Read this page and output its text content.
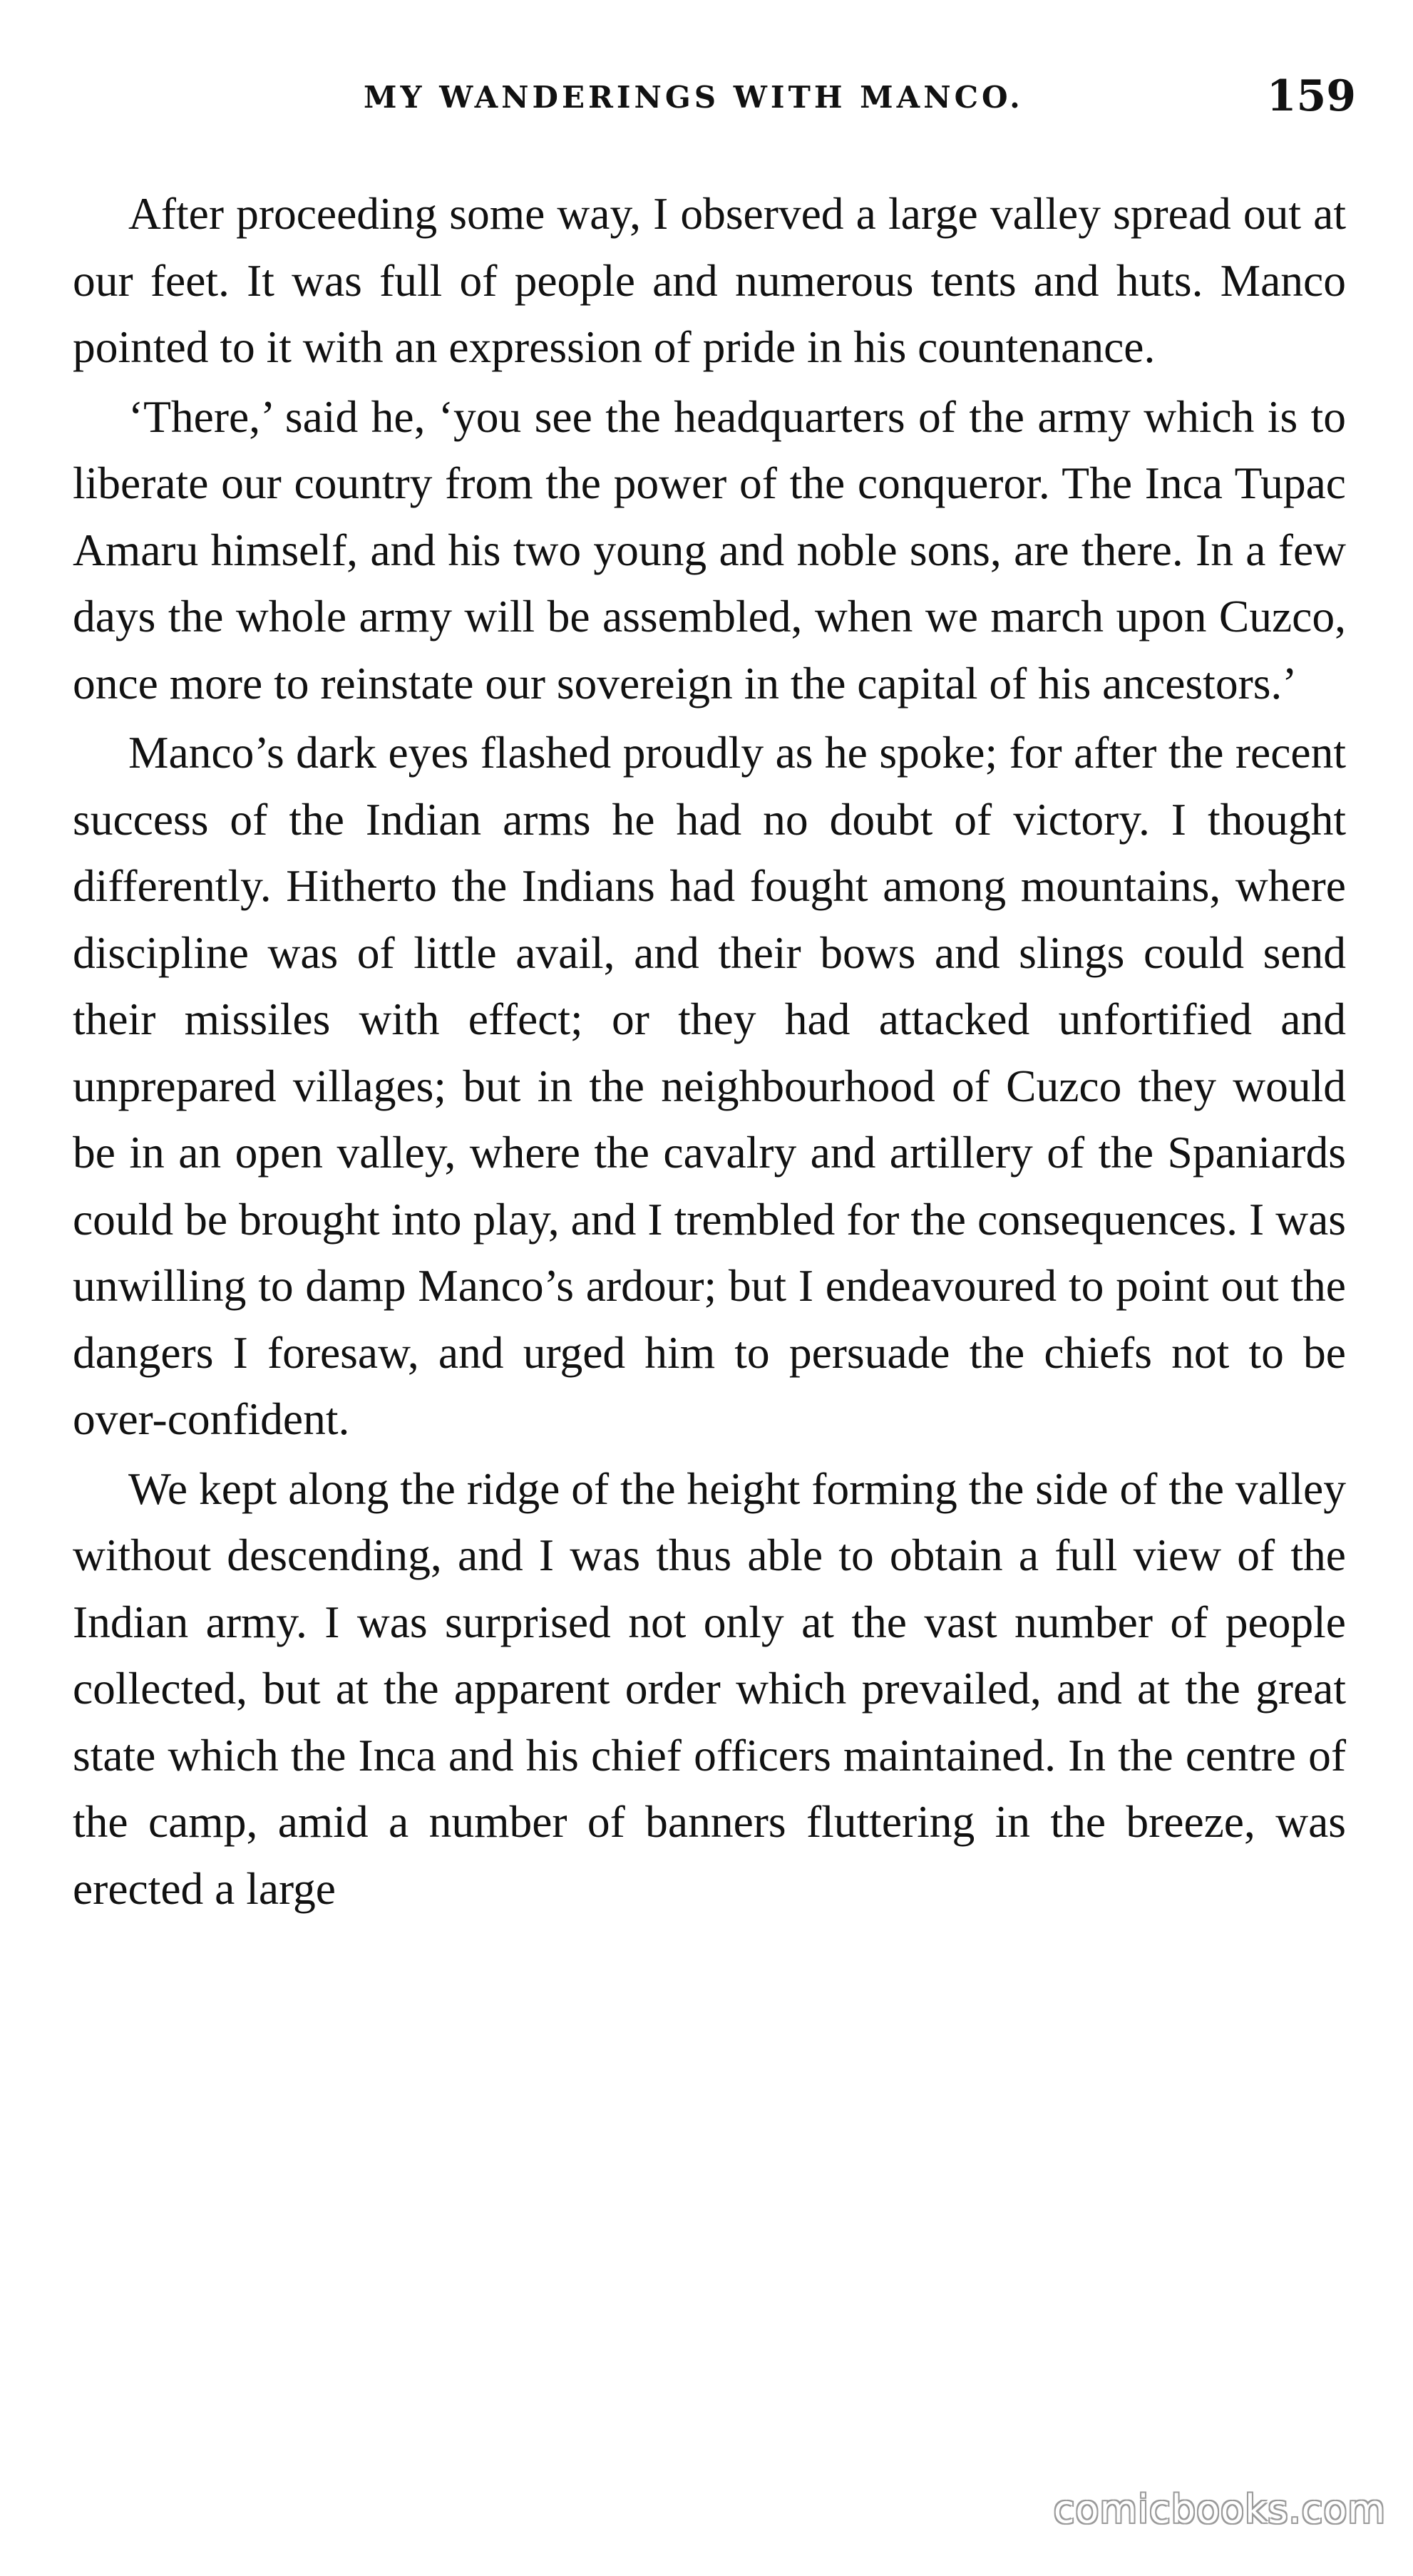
MY WANDERINGS WITH MANCO.	159

After proceeding some way, I observed a large valley spread out at our feet. It was full of people and numerous tents and huts. Manco pointed to it with an expression of pride in his countenance.

‘There,’ said he, ‘you see the headquarters of the army which is to liberate our country from the power of the conqueror. The Inca Tupac Amaru himself, and his two young and noble sons, are there. In a few days the whole army will be assembled, when we march upon Cuzco, once more to reinstate our sovereign in the capital of his ancestors.’

Manco’s dark eyes flashed proudly as he spoke; for after the recent success of the Indian arms he had no doubt of victory. I thought differently. Hitherto the Indians had fought among mountains, where discipline was of little avail, and their bows and slings could send their missiles with effect; or they had attacked unfortified and unprepared villages; but in the neighbourhood of Cuzco they would be in an open valley, where the cavalry and artillery of the Spaniards could be brought into play, and I trembled for the consequences. I was unwilling to damp Manco’s ardour; but I endeavoured to point out the dangers I foresaw, and urged him to persuade the chiefs not to be over-confident.

We kept along the ridge of the height forming the side of the valley without descending, and I was thus able to obtain a full view of the Indian army. I was surprised not only at the vast number of people collected, but at the apparent order which prevailed, and at the great state which the Inca and his chief officers maintained. In the centre of the camp, amid a number of banners fluttering in the breeze, was erected a large

comicbooks.com
